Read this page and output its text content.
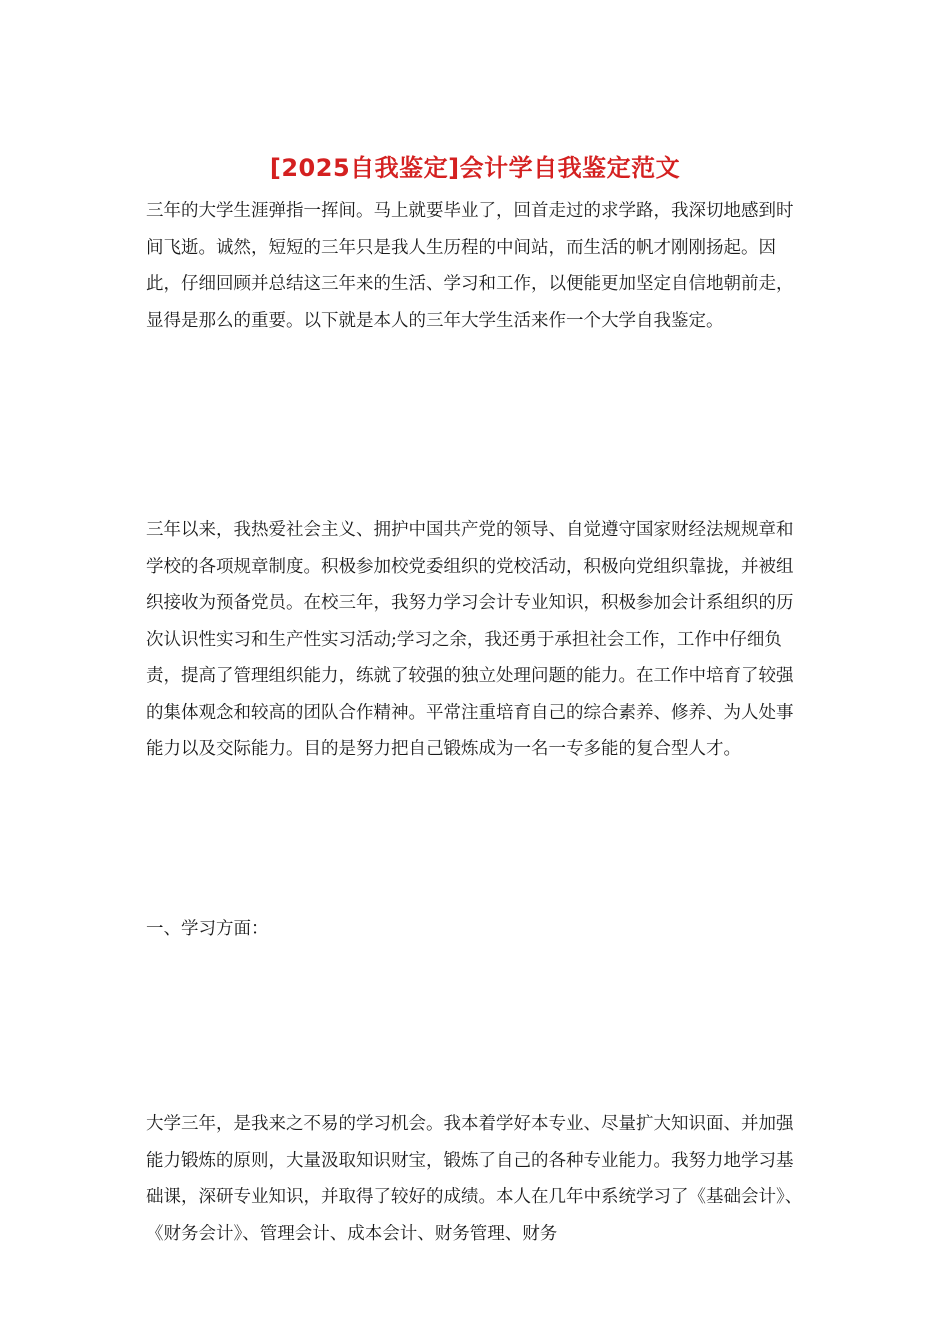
[2025自我鉴定]会计学自我鉴定范文

三年的大学生涯弹指一挥间。马上就要毕业了，回首走过的求学路，我深切地感到时间飞逝。诚然，短短的三年只是我人生历程的中间站，而生活的帆才刚刚扬起。因此，仔细回顾并总结这三年来的生活、学习和工作，以便能更加坚定自信地朝前走，显得是那么的重要。以下就是本人的三年大学生活来作一个大学自我鉴定。

三年以来，我热爱社会主义、拥护中国共产党的领导、自觉遵守国家财经法规规章和学校的各项规章制度。积极参加校党委组织的党校活动，积极向党组织靠拢，并被组织接收为预备党员。在校三年，我努力学习会计专业知识，积极参加会计系组织的历次认识性实习和生产性实习活动;学习之余，我还勇于承担社会工作，工作中仔细负责，提高了管理组织能力，练就了较强的独立处理问题的能力。在工作中培育了较强的集体观念和较高的团队合作精神。平常注重培育自己的综合素养、修养、为人处事能力以及交际能力。目的是努力把自己锻炼成为一名一专多能的复合型人才。

一、学习方面：

大学三年，是我来之不易的学习机会。我本着学好本专业、尽量扩大知识面、并加强能力锻炼的原则，大量汲取知识财宝，锻炼了自己的各种专业能力。我努力地学习基础课，深研专业知识，并取得了较好的成绩。本人在几年中系统学习了《基础会计》、《财务会计》、管理会计、成本会计、财务管理、财务
